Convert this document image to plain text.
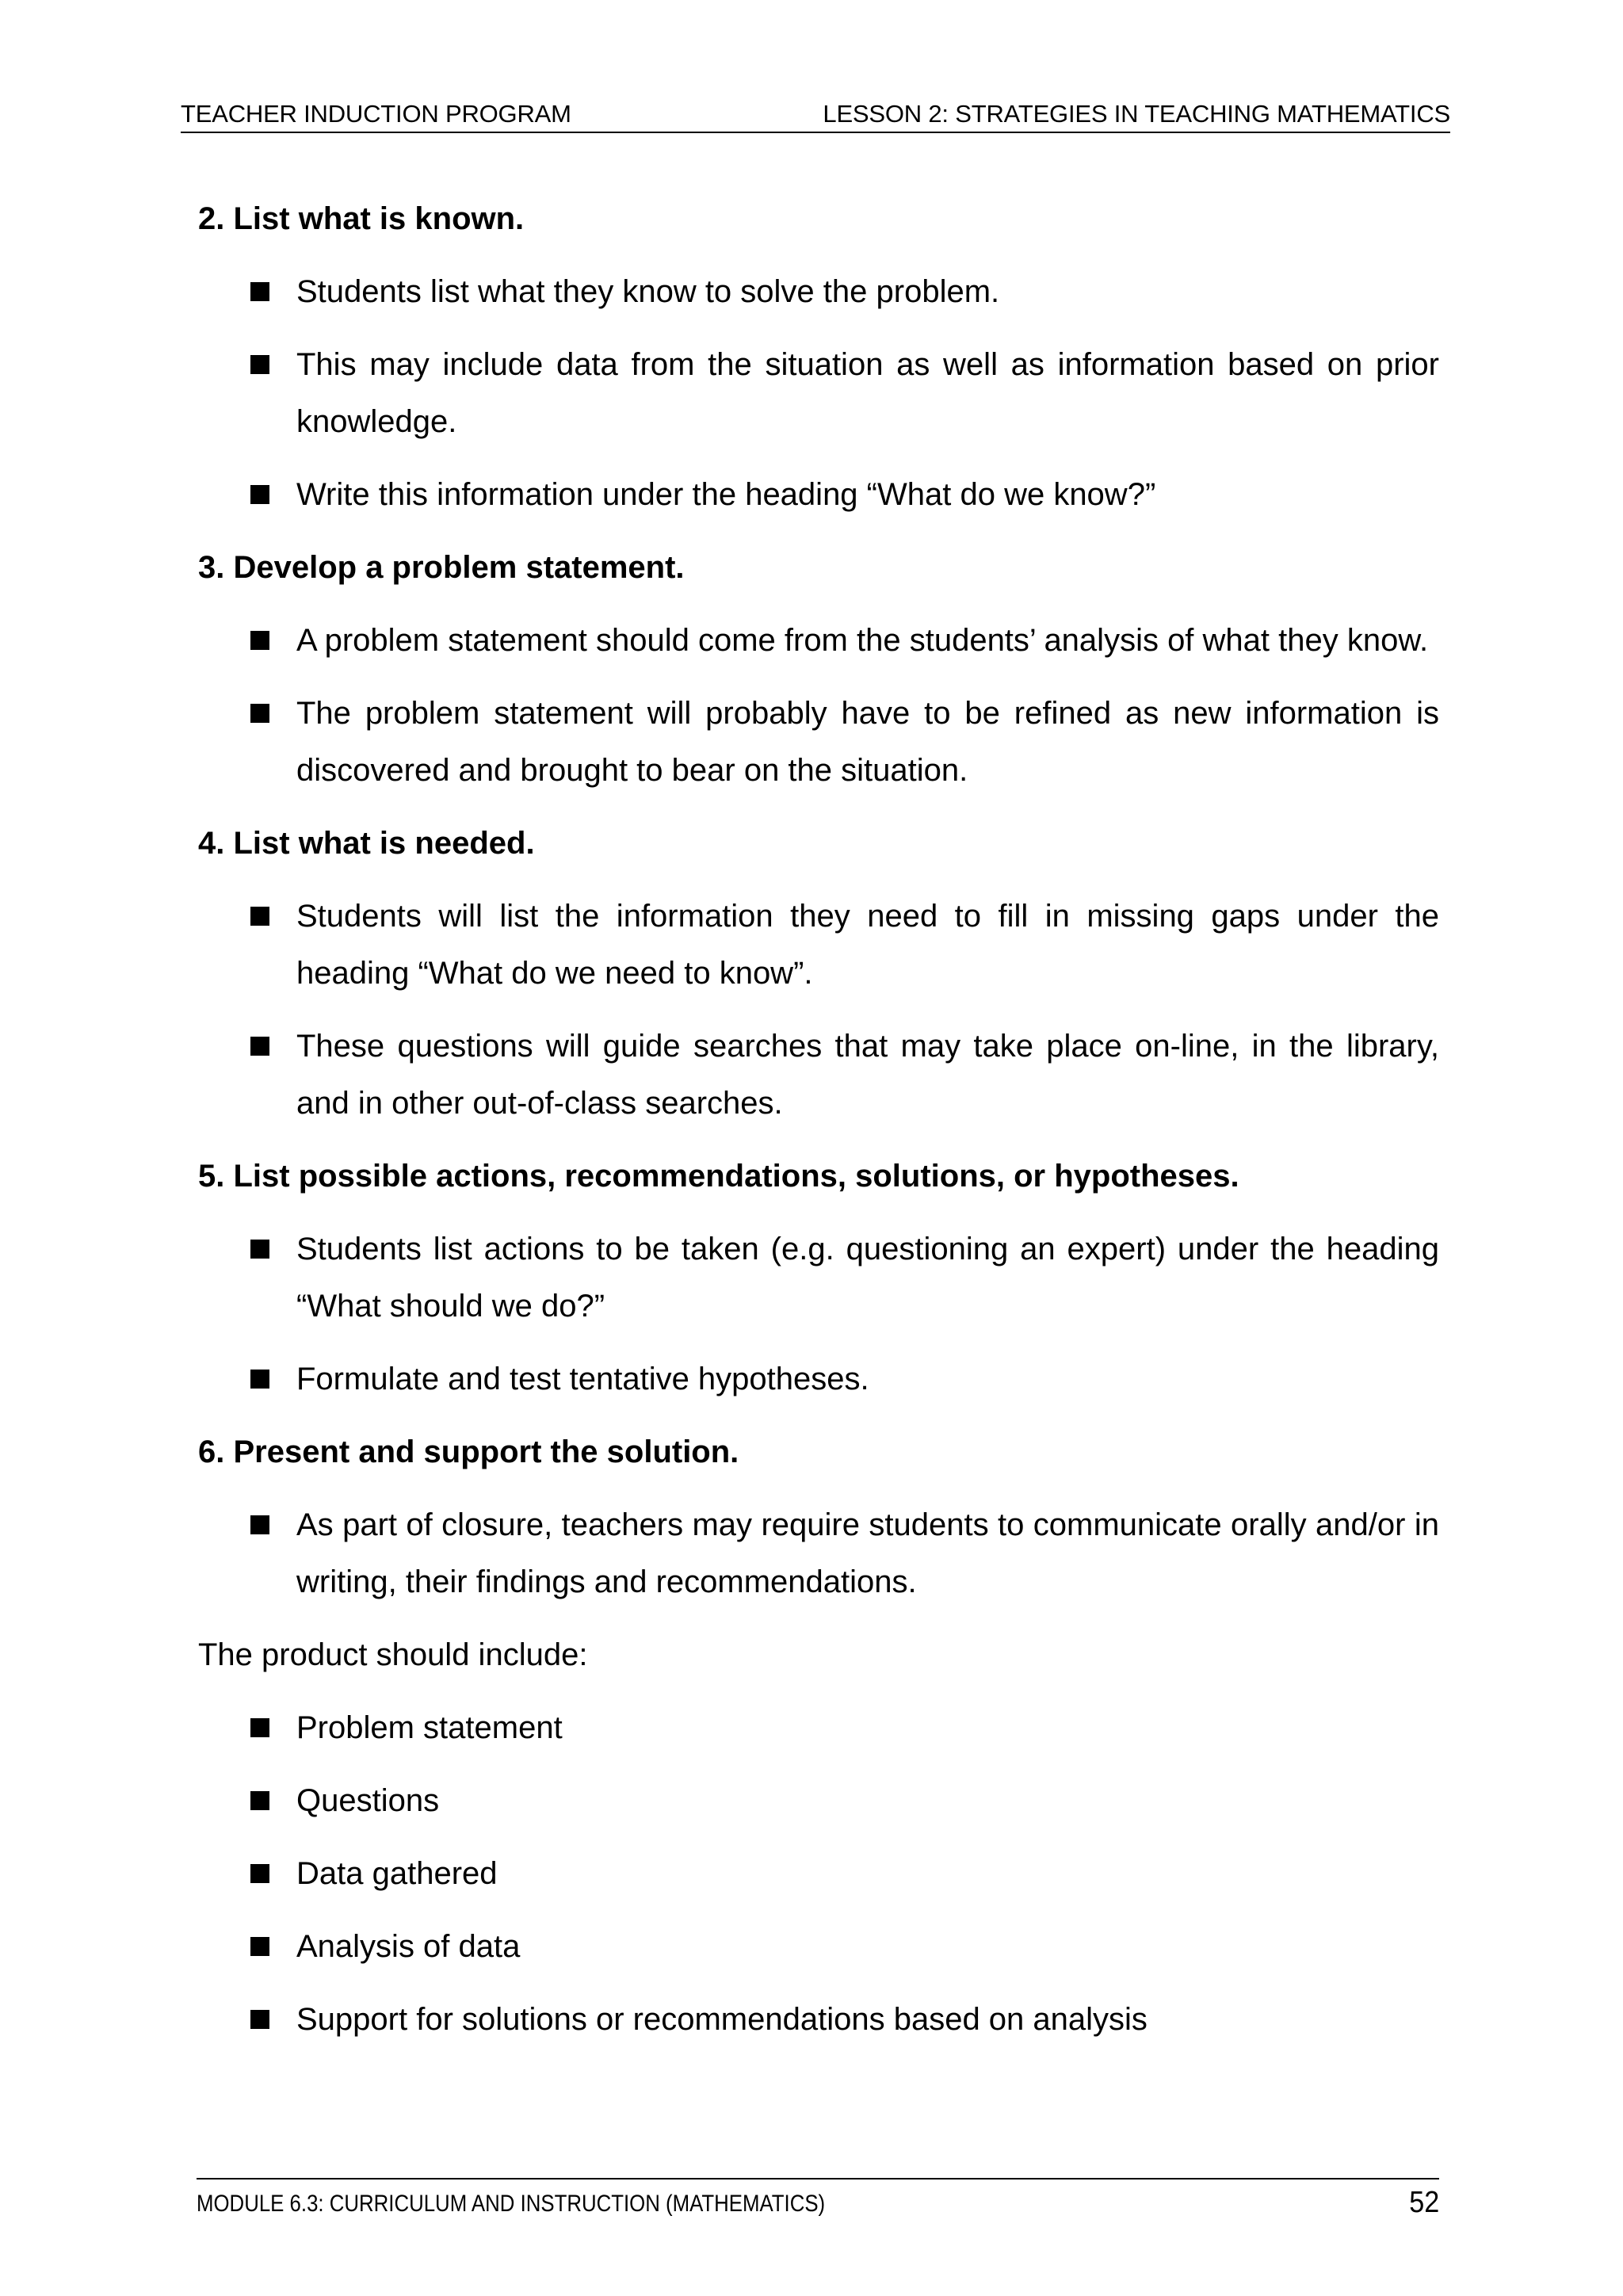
TEACHER INDUCTION PROGRAM	LESSON 2: STRATEGIES IN TEACHING MATHEMATICS
2. List what is known.
Students list what they know to solve the problem.
This may include data from the situation as well as information based on prior knowledge.
Write this information under the heading “What do we know?”
3. Develop a problem statement.
A problem statement should come from the students’ analysis of what they know.
The problem statement will probably have to be refined as new information is discovered and brought to bear on the situation.
4. List what is needed.
Students will list the information they need to fill in missing gaps under the heading “What do we need to know”.
These questions will guide searches that may take place on-line, in the library, and in other out-of-class searches.
5. List possible actions, recommendations, solutions, or hypotheses.
Students list actions to be taken (e.g. questioning an expert) under the heading “What should we do?”
Formulate and test tentative hypotheses.
6. Present and support the solution.
As part of closure, teachers may require students to communicate orally and/or in writing, their findings and recommendations.
The product should include:
Problem statement
Questions
Data gathered
Analysis of data
Support for solutions or recommendations based on analysis
MODULE 6.3: CURRICULUM AND INSTRUCTION (MATHEMATICS)	52
